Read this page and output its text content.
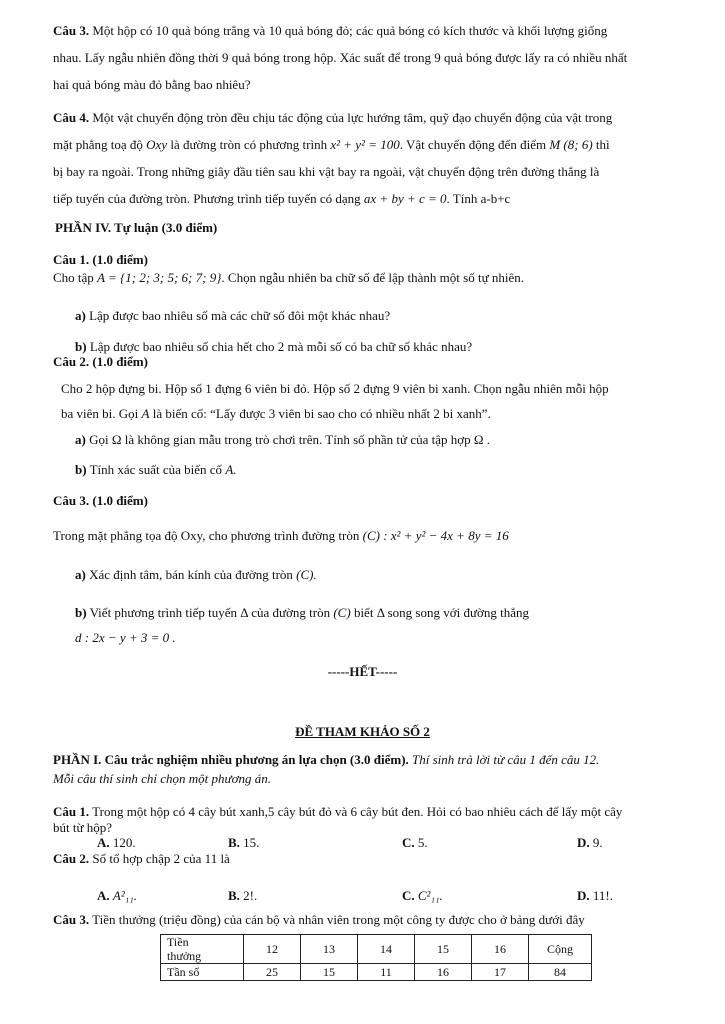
Câu 3. Một hộp có 10 quả bóng trắng và 10 quả bóng đỏ; các quả bóng có kích thước và khối lượng giống
nhau. Lấy ngẫu nhiên đồng thời 9 quả bóng trong hộp. Xác suất để trong 9 quả bóng được lấy ra có nhiều nhất
hai quả bóng màu đỏ bằng bao nhiêu?
Câu 4. Một vật chuyển động tròn đều chịu tác động của lực hướng tâm, quỹ đạo chuyển động của vật trong
mặt phẳng toạ độ Oxy là đường tròn có phương trình x² + y² = 100. Vật chuyển động đến điểm M (8; 6) thì
bị bay ra ngoài. Trong những giây đầu tiên sau khi vật bay ra ngoài, vật chuyển động trên đường thẳng là
tiếp tuyến của đường tròn. Phương trình tiếp tuyến có dạng ax + by + c = 0. Tính a-b+c
PHẦN IV. Tự luận (3.0 điểm)
Câu 1. (1.0 điểm)
Cho tập A = {1; 2; 3; 5; 6; 7; 9}. Chọn ngẫu nhiên ba chữ số để lập thành một số tự nhiên.
a) Lập được bao nhiêu số mà các chữ số đôi một khác nhau?
b) Lập được bao nhiêu số chia hết cho 2 mà mỗi số có ba chữ số khác nhau?
Câu 2. (1.0 điểm)
Cho 2 hộp đựng bi. Hộp số 1 đựng 6 viên bi đỏ. Hộp số 2 đựng 9 viên bi xanh. Chọn ngẫu nhiên mỗi hộp
ba viên bi. Gọi A là biến cố: “Lấy được 3 viên bi sao cho có nhiều nhất 2 bi xanh”.
a) Gọi Ω là không gian mẫu trong trò chơi trên. Tính số phần tử của tập hợp Ω .
b) Tính xác suất của biến cố A.
Câu 3. (1.0 điểm)
Trong mặt phẳng tọa độ Oxy, cho phương trình đường tròn (C) : x² + y² − 4x + 8y = 16
a) Xác định tâm, bán kính của đường tròn (C).
b) Viết phương trình tiếp tuyến Δ của đường tròn (C) biết Δ song song với đường thẳng
d : 2x − y + 3 = 0 .
-----HẾT-----
ĐỀ THAM KHẢO SỐ 2
PHẦN I. Câu trắc nghiệm nhiều phương án lựa chọn (3.0 điểm). Thí sinh trả lời từ câu 1 đến câu 12.
Mỗi câu thí sinh chỉ chọn một phương án.
Câu 1. Trong một hộp có 4 cây bút xanh,5 cây bút đỏ và 6 cây bút đen. Hỏi có bao nhiêu cách để lấy một cây
bút từ hộp?
A. 120.	B. 15.	C. 5.	D. 9.
Câu 2. Số tổ hợp chập 2 của 11 là
A. A²₁₁.	B. 2!.	C. C²₁₁.	D. 11!.
Câu 3. Tiền thưởng (triệu đồng) của cán bộ và nhân viên trong một công ty được cho ở bảng dưới đây
Tiền
thưởng	12	13	14	15	16	Cộng
Tần số	25	15	11	16	17	84
